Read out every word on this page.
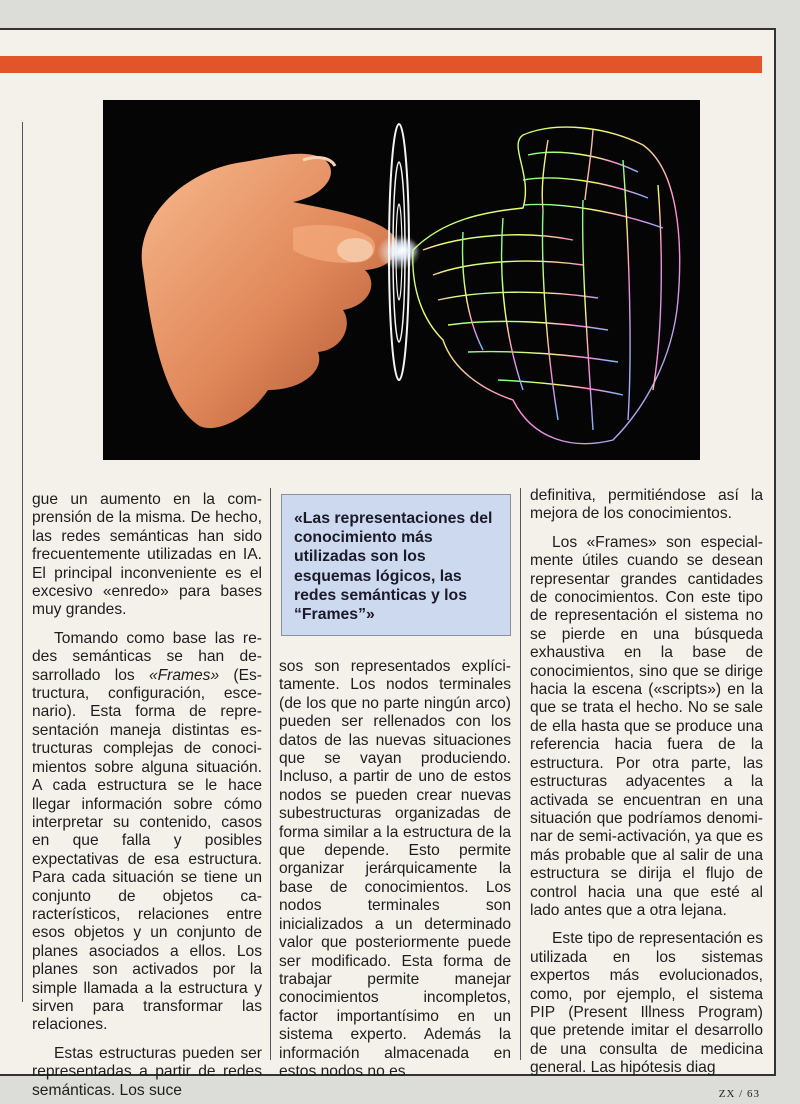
gue un aumento en la comprensión de la misma. De hecho, las redes semánticas han sido frecuentemente utilizadas en IA. El principal inconveniente es el excesivo «enredo» para bases muy grandes.

Tomando como base las redes semánticas se han desarrollado los «Frames» (Estructura, configuración, escenario). Esta forma de representación maneja distintas estructuras complejas de conocimientos sobre alguna situación. A cada estructura se le hace llegar información sobre cómo interpretar su contenido, casos en que falla y posibles expectativas de esa estructura. Para cada situación se tiene un conjunto de objetos característicos, relaciones entre esos objetos y un conjunto de planes asociados a ellos. Los planes son activados por la simple llamada a la estructura y sirven para transformar las relaciones.

Estas estructuras pueden ser representadas a partir de redes semánticas. Los suce

«Las representaciones del conocimiento más utilizadas son los esquemas lógicos, las redes semánticas y los “Frames”»

sos son representados explícitamente. Los nodos terminales (de los que no parte ningún arco) pueden ser rellenados con los datos de las nuevas situaciones que se vayan produciendo. Incluso, a partir de uno de estos nodos se pueden crear nuevas subestructuras organizadas de forma similar a la estructura de la que depende. Esto permite organizar jerárquicamente la base de conocimientos. Los nodos terminales son inicializados a un determinado valor que posteriormente puede ser modificado. Esta forma de trabajar permite manejar conocimientos incompletos, factor importantísimo en un sistema experto. Además la información almacenada en estos nodos no es

definitiva, permitiéndose así la mejora de los conocimientos.

Los «Frames» son especialmente útiles cuando se desean representar grandes cantidades de conocimientos. Con este tipo de representación el sistema no se pierde en una búsqueda exhaustiva en la base de conocimientos, sino que se dirige hacia la escena («scripts») en la que se trata el hecho. No se sale de ella hasta que se produce una referencia hacia fuera de la estructura. Por otra parte, las estructuras adyacentes a la activada se encuentran en una situación que podríamos denominar de semi-activación, ya que es más probable que al salir de una estructura se dirija el flujo de control hacia una que esté al lado antes que a otra lejana.

Este tipo de representación es utilizada en los sistemas expertos más evolucionados, como, por ejemplo, el sistema PIP (Present Illness Program) que pretende imitar el desarrollo de una consulta de medicina general. Las hipótesis diag

ZX / 63
